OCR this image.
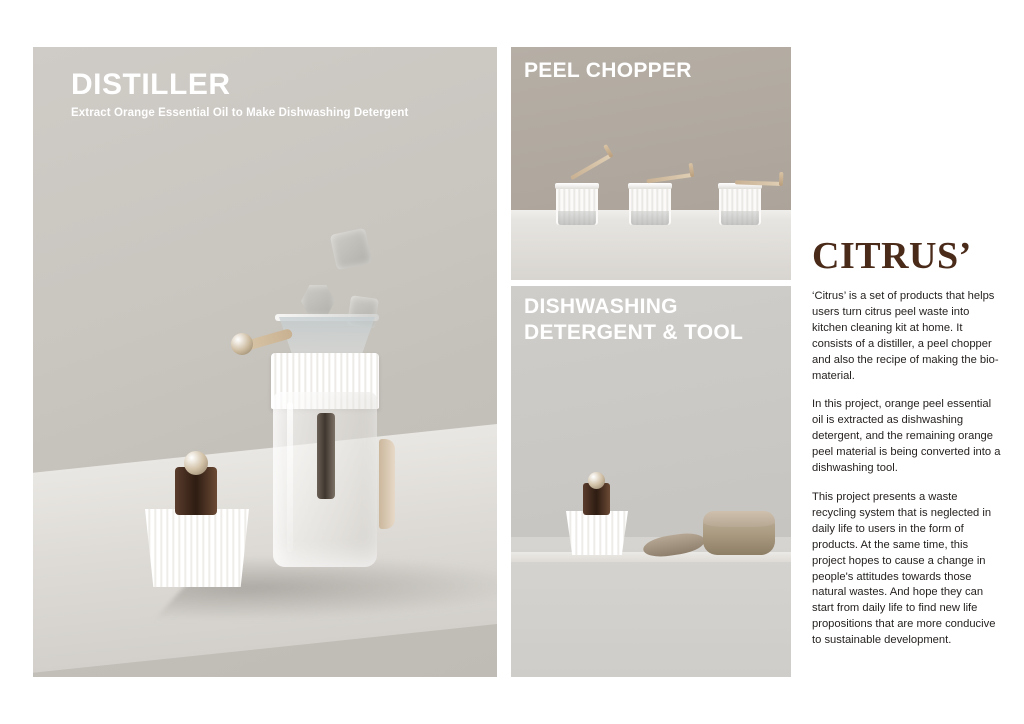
DISTILLER
Extract Orange Essential Oil to Make Dishwashing Detergent
PEEL CHOPPER
DISHWASHING
DETERGENT & TOOL
CITRUS’

‘Citrus’ is a set of products that helps users turn citrus peel waste into kitchen cleaning kit at home. It consists of a distiller, a peel chopper and also the recipe of making the bio-material.

In this project, orange peel essential oil is extracted as dishwashing detergent, and the remaining orange peel material is being converted into a dishwashing tool.

This project presents a waste recycling system that is neglected in daily life to users in the form of products. At the same time, this project hopes to cause a change in people's attitudes towards those natural wastes. And hope they can start from daily life to find new life propositions that are more conducive to sustainable development.
